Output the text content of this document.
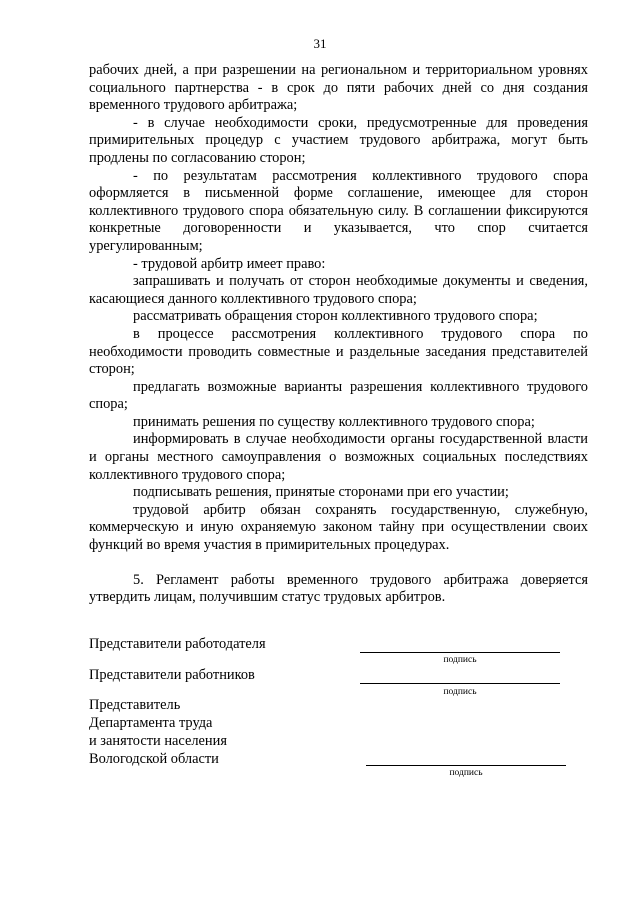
31

рабочих дней, а при разрешении на региональном и территориальном уровнях социального партнерства - в срок до пяти рабочих дней со дня создания временного трудового арбитража;

- в случае необходимости сроки, предусмотренные для проведения примирительных процедур с участием трудового арбитража, могут быть продлены по согласованию сторон;

- по результатам рассмотрения коллективного трудового спора оформляется в письменной форме соглашение, имеющее для сторон коллективного трудового спора обязательную силу. В соглашении фиксируются конкретные договоренности и указывается, что спор считается урегулированным;

- трудовой арбитр имеет право:

запрашивать и получать от сторон необходимые документы и сведения, касающиеся данного коллективного трудового спора;

рассматривать обращения сторон коллективного трудового спора;

в процессе рассмотрения коллективного трудового спора по необходимости проводить совместные и раздельные заседания представителей сторон;

предлагать возможные варианты разрешения коллективного трудового спора;

принимать решения по существу коллективного трудового спора;

информировать в случае необходимости органы государственной власти и органы местного самоуправления о возможных социальных последствиях коллективного трудового спора;

подписывать решения, принятые сторонами при его участии;

трудовой арбитр обязан сохранять государственную, служебную, коммерческую и иную охраняемую законом тайну при осуществлении своих функций во время участия в примирительных процедурах.

5. Регламент работы временного трудового арбитража доверяется утвердить лицам, получившим статус трудовых арбитров.

Представители работодателя
подпись
Представители работников
подпись
Представитель
Департамента труда
и занятости населения
Вологодской области
подпись
